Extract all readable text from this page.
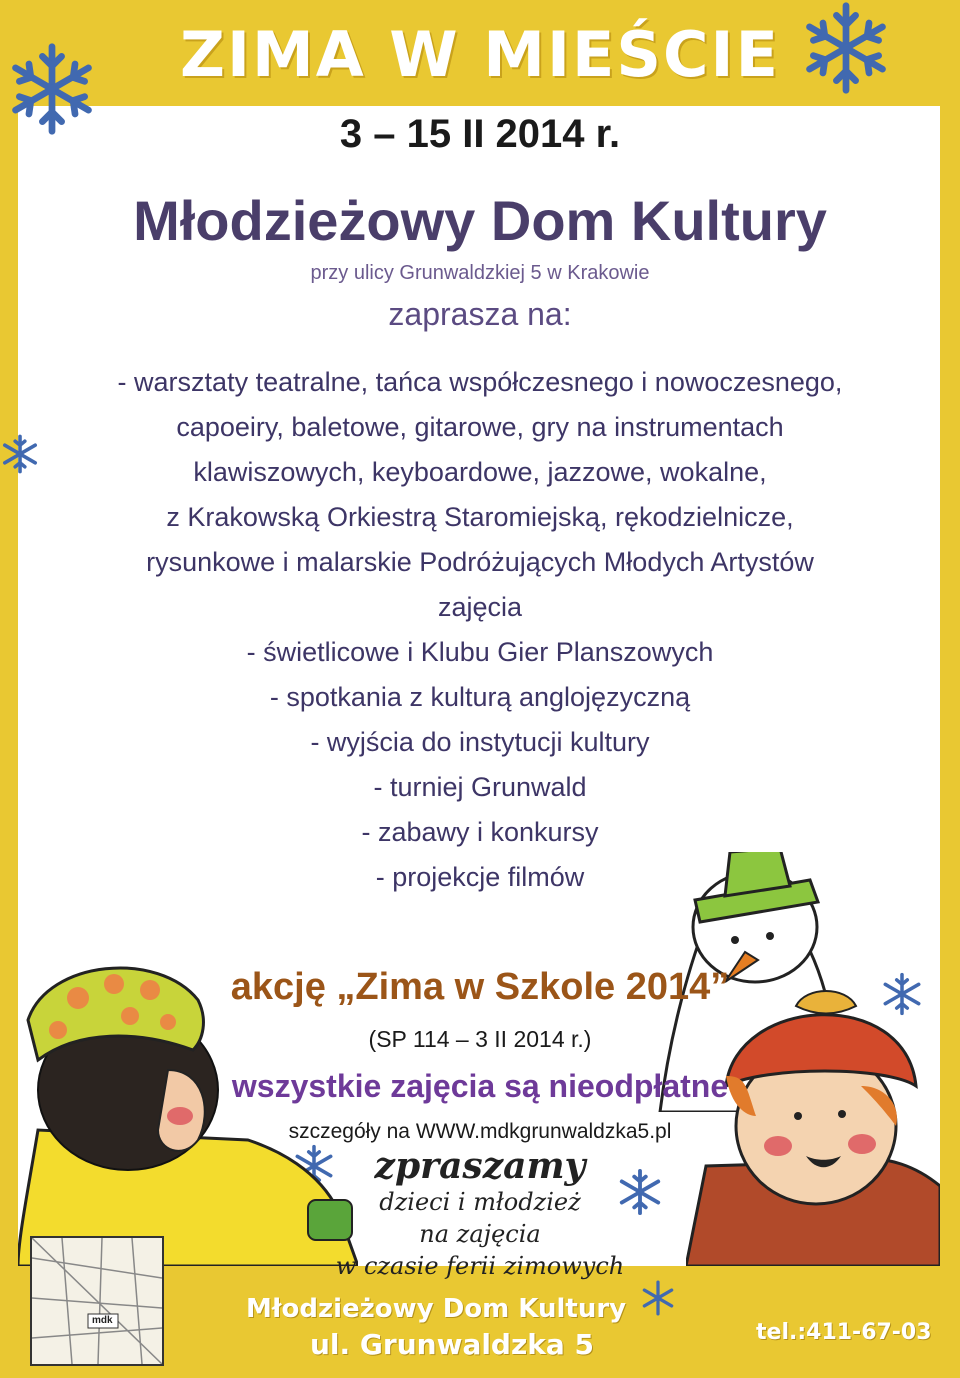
mdk
ZIMA W MIEŚCIE
3 – 15 II 2014 r.
Młodzieżowy Dom Kultury
przy ulicy Grunwaldzkiej 5 w Krakowie
zaprasza na:
- warsztaty teatralne, tańca współczesnego i nowoczesnego,
capoeiry, baletowe, gitarowe, gry na instrumentach
klawiszowych, keyboardowe, jazzowe, wokalne,
z Krakowską Orkiestrą Staromiejską, rękodzielnicze,
rysunkowe i malarskie Podróżujących Młodych Artystów
zajęcia
- świetlicowe i Klubu Gier Planszowych
- spotkania z kulturą anglojęzyczną
- wyjścia do instytucji kultury
- turniej Grunwald
- zabawy i konkursy
- projekcje filmów
akcję „Zima w Szkole 2014”
(SP 114 – 3 II 2014 r.)
wszystkie zajęcia są nieodpłatne
szczegóły na WWW.mdkgrunwaldzka5.pl
zpraszamy
dzieci i młodzież
na zajęcia
w czasie ferii zimowych
Młodzieżowy Dom Kultury
ul. Grunwaldzka 5	tel.:411-67-03
